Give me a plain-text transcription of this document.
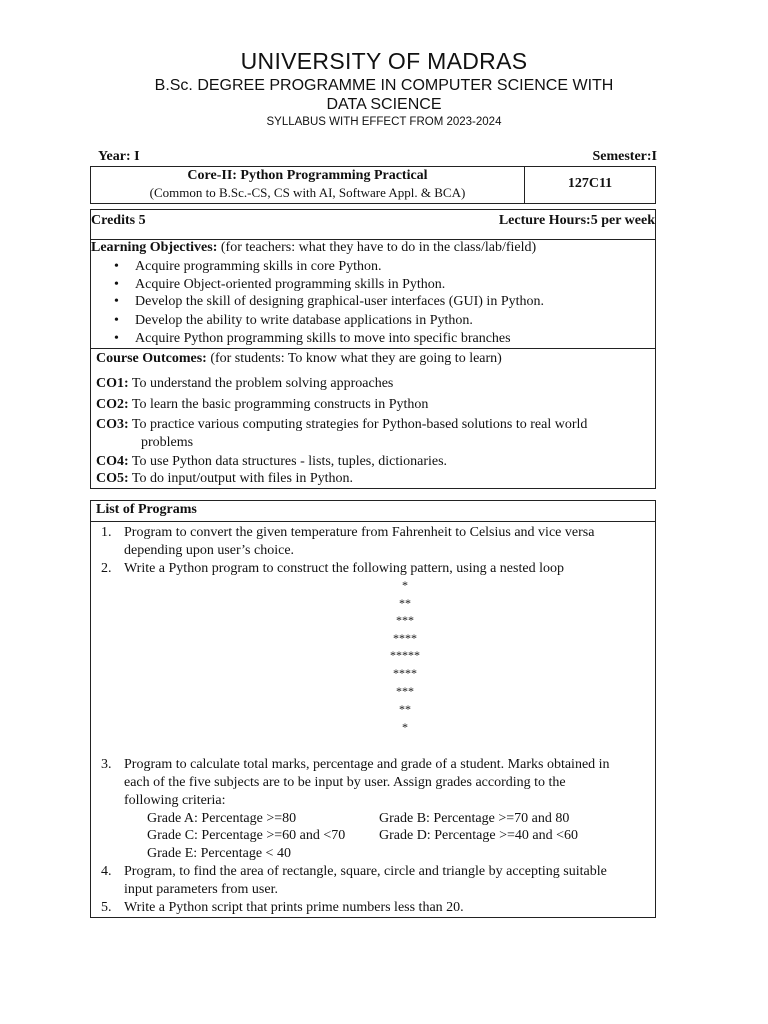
UNIVERSITY OF MADRAS
B.Sc. DEGREE PROGRAMME IN COMPUTER SCIENCE WITH
DATA SCIENCE
SYLLABUS WITH EFFECT FROM 2023-2024
Year: I	Semester:I
Core-II: Python Programming Practical
(Common to B.Sc.-CS, CS with AI, Software Appl. & BCA)
127C11
Credits 5	Lecture Hours:5 per week
Learning Objectives: (for teachers: what they have to do in the class/lab/field)
• Acquire programming skills in core Python.
• Acquire Object-oriented programming skills in Python.
• Develop the skill of designing graphical-user interfaces (GUI) in Python.
• Develop the ability to write database applications in Python.
• Acquire Python programming skills to move into specific branches
Course Outcomes: (for students: To know what they are going to learn)
CO1: To understand the problem solving approaches
CO2: To learn the basic programming constructs in Python
CO3: To practice various computing strategies for Python-based solutions to real world
problems
CO4: To use Python data structures - lists, tuples, dictionaries.
CO5: To do input/output with files in Python.
List of Programs
1. Program to convert the given temperature from Fahrenheit to Celsius and vice versa
depending upon user’s choice.
2. Write a Python program to construct the following pattern, using a nested loop
*
**
***
****
*****
****
***
**
*
3. Program to calculate total marks, percentage and grade of a student. Marks obtained in
each of the five subjects are to be input by user. Assign grades according to the
following criteria:
Grade A: Percentage >=80	Grade B: Percentage >=70 and 80
Grade C: Percentage >=60 and <70 Grade D: Percentage >=40 and <60
Grade E: Percentage < 40
4. Program, to find the area of rectangle, square, circle and triangle by accepting suitable
input parameters from user.
5. Write a Python script that prints prime numbers less than 20.
